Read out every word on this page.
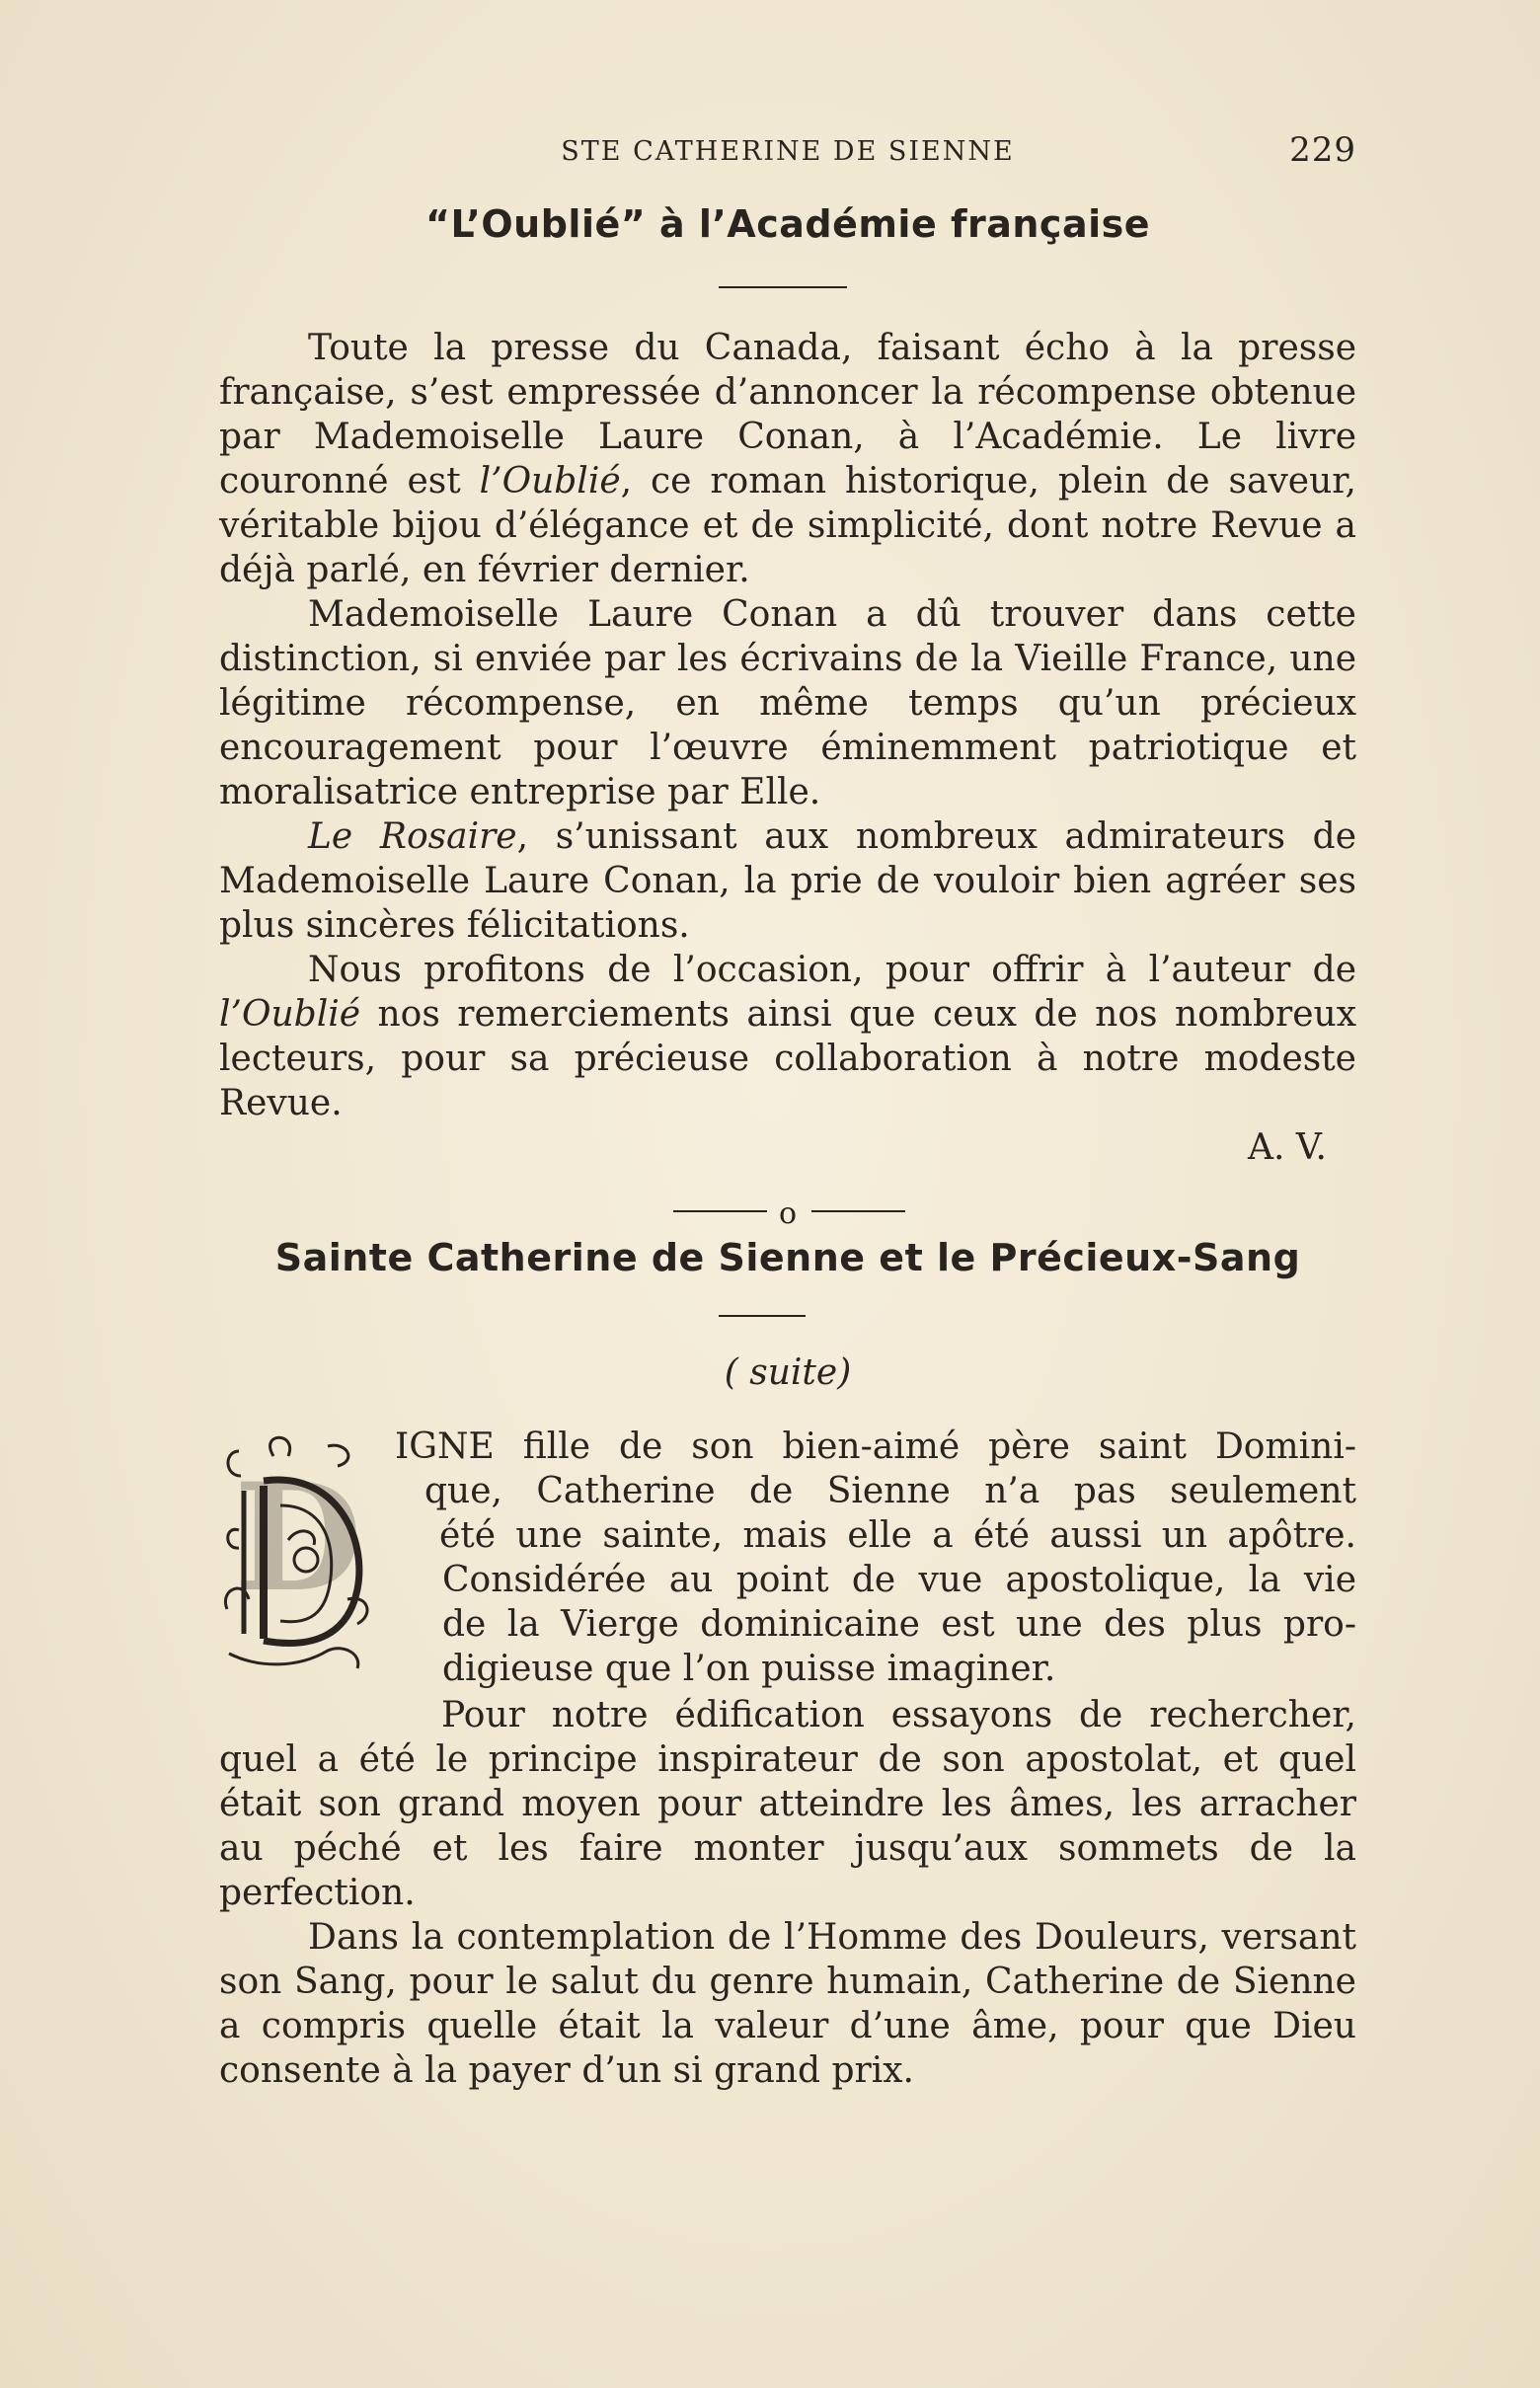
STE CATHERINE DE SIENNE	229
“L’Oublié” à l’Académie française

Toute la presse du Canada, faisant écho à la presse française, s’est empressée d’annoncer la récompense obtenue par Mademoiselle Laure Conan, à l’Académie. Le livre couronné est l’Oublié, ce roman historique, plein de saveur, véritable bijou d’élégance et de simplicité, dont notre Revue a déjà parlé, en février dernier.

Mademoiselle Laure Conan a dû trouver dans cette distinction, si enviée par les écrivains de la Vieille France, une légitime récompense, en même temps qu’un précieux encouragement pour l’œuvre éminemment patriotique et moralisatrice entreprise par Elle.

Le Rosaire, s’unissant aux nombreux admirateurs de Mademoiselle Laure Conan, la prie de vouloir bien agréer ses plus sincères félicitations.

Nous profitons de l’occasion, pour offrir à l’auteur de l’Oublié nos remerciements ainsi que ceux de nos nombreux lecteurs, pour sa précieuse collaboration à notre modeste Revue.

A. V.

o
Sainte Catherine de Sienne et le Précieux-Sang
( suite)
D
IGNE fille de son bien-aimé père saint Domini-
que, Catherine de Sienne n’a pas seulement
été une sainte, mais elle a été aussi un apôtre.
Considérée au point de vue apostolique, la vie
de la Vierge dominicaine est une des plus pro-
digieuse que l’on puisse imaginer.

Pour notre édification essayons de rechercher, quel a été le principe inspirateur de son apostolat, et quel était son grand moyen pour atteindre les âmes, les arracher au péché et les faire monter jusqu’aux sommets de la perfection.

Dans la contemplation de l’Homme des Douleurs, versant son Sang, pour le salut du genre humain, Catherine de Sienne a compris quelle était la valeur d’une âme, pour que Dieu consente à la payer d’un si grand prix.
